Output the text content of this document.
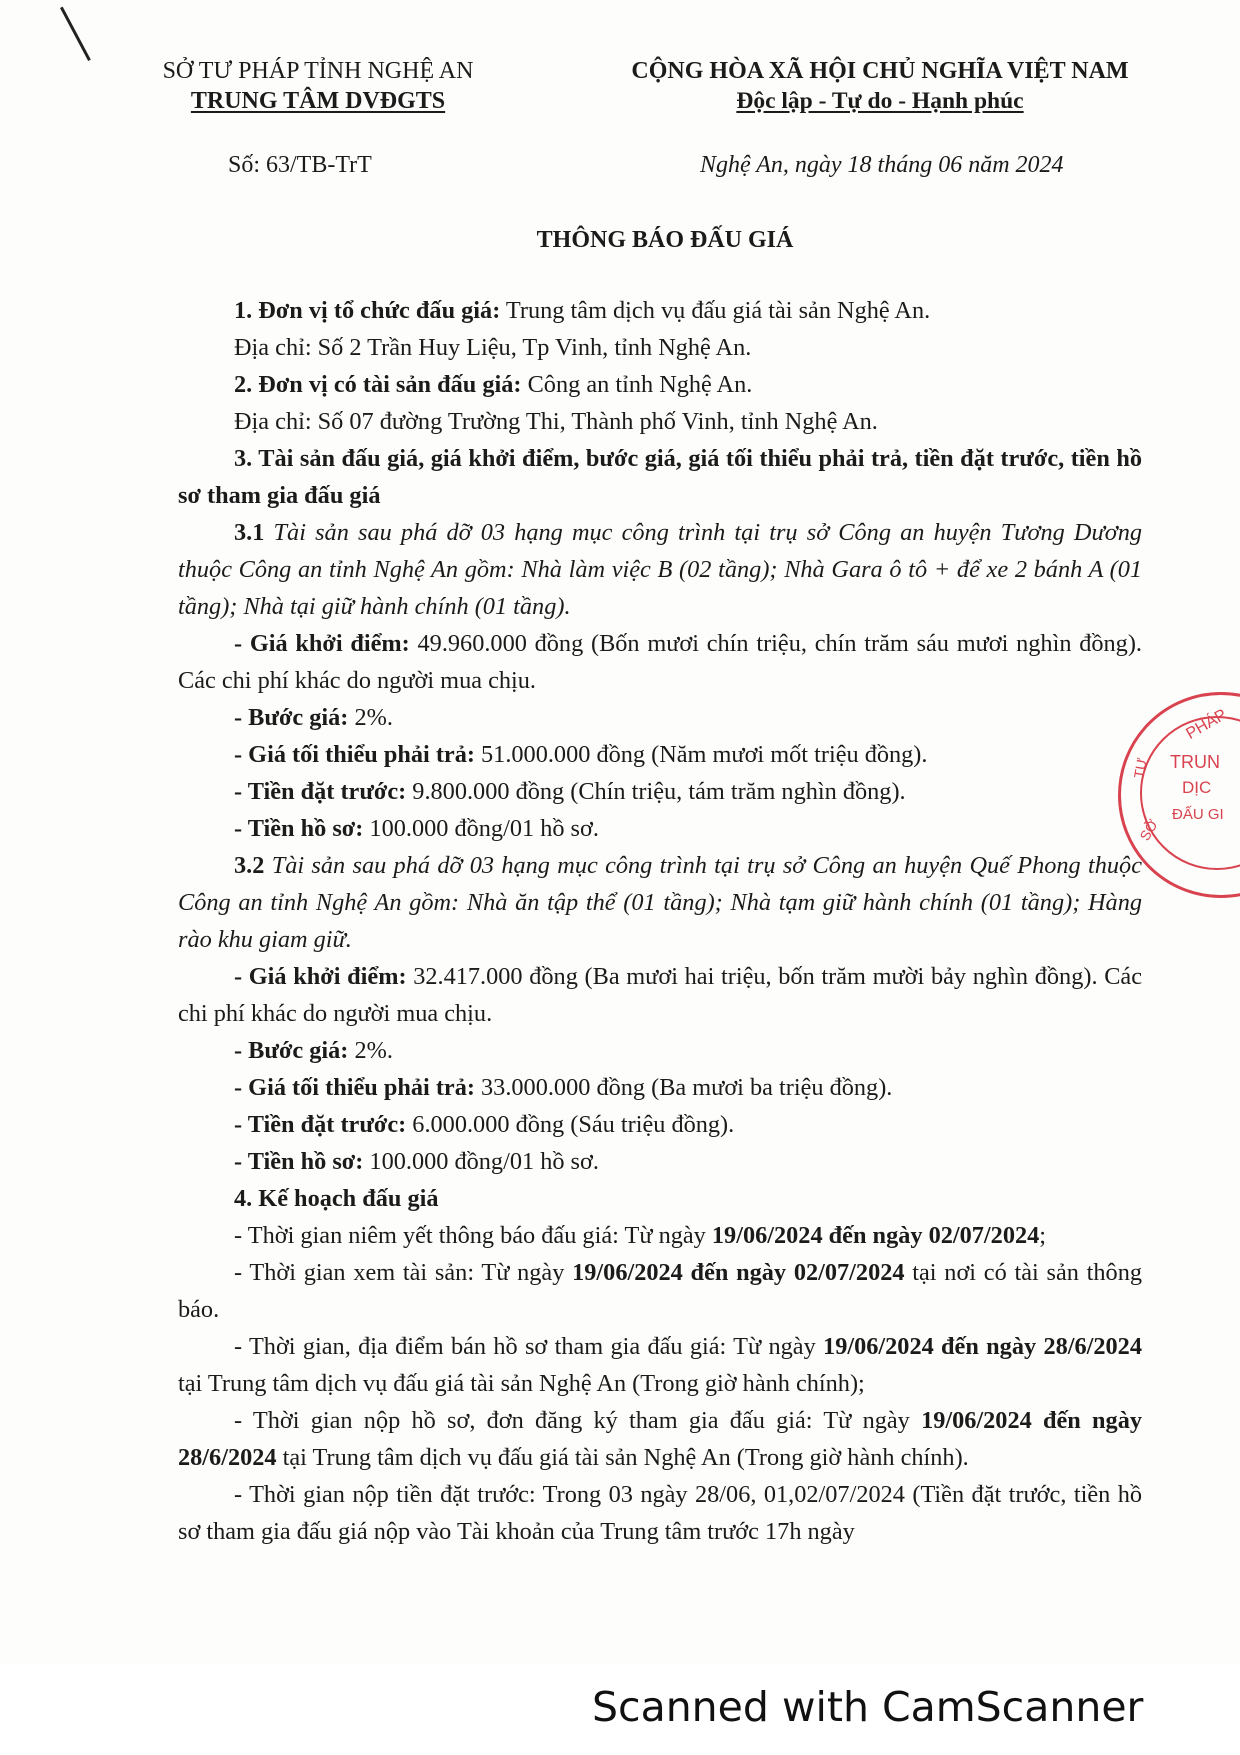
SỞ TƯ PHÁP TỈNH NGHỆ AN
TRUNG TÂM DVĐGTS
CỘNG HÒA XÃ HỘI CHỦ NGHĨA VIỆT NAM
Độc lập - Tự do - Hạnh phúc
Số: 63/TB-TrT	Nghệ An, ngày 18 tháng 06 năm 2024
THÔNG BÁO ĐẤU GIÁ

1. Đơn vị tổ chức đấu giá: Trung tâm dịch vụ đấu giá tài sản Nghệ An.

Địa chỉ: Số 2 Trần Huy Liệu, Tp Vinh, tỉnh Nghệ An.

2. Đơn vị có tài sản đấu giá: Công an tỉnh Nghệ An.

Địa chỉ: Số 07 đường Trường Thi, Thành phố Vinh, tỉnh Nghệ An.

3. Tài sản đấu giá, giá khởi điểm, bước giá, giá tối thiểu phải trả, tiền đặt trước, tiền hồ sơ tham gia đấu giá

3.1 Tài sản sau phá dỡ 03 hạng mục công trình tại trụ sở Công an huyện Tương Dương thuộc Công an tỉnh Nghệ An gồm: Nhà làm việc B (02 tầng); Nhà Gara ô tô + để xe 2 bánh A (01 tầng); Nhà tại giữ hành chính (01 tầng).

- Giá khởi điểm: 49.960.000 đồng (Bốn mươi chín triệu, chín trăm sáu mươi nghìn đồng). Các chi phí khác do người mua chịu.

- Bước giá: 2%.

- Giá tối thiểu phải trả: 51.000.000 đồng (Năm mươi mốt triệu đồng).

- Tiền đặt trước: 9.800.000 đồng (Chín triệu, tám trăm nghìn đồng).

- Tiền hồ sơ: 100.000 đồng/01 hồ sơ.

3.2 Tài sản sau phá dỡ 03 hạng mục công trình tại trụ sở Công an huyện Quế Phong thuộc Công an tỉnh Nghệ An gồm: Nhà ăn tập thể (01 tầng); Nhà tạm giữ hành chính (01 tầng); Hàng rào khu giam giữ.

- Giá khởi điểm: 32.417.000 đồng (Ba mươi hai triệu, bốn trăm mười bảy nghìn đồng). Các chi phí khác do người mua chịu.

- Bước giá: 2%.

- Giá tối thiểu phải trả: 33.000.000 đồng (Ba mươi ba triệu đồng).

- Tiền đặt trước: 6.000.000 đồng (Sáu triệu đồng).

- Tiền hồ sơ: 100.000 đồng/01 hồ sơ.

4. Kế hoạch đấu giá

- Thời gian niêm yết thông báo đấu giá: Từ ngày 19/06/2024 đến ngày 02/07/2024;

- Thời gian xem tài sản: Từ ngày 19/06/2024 đến ngày 02/07/2024 tại nơi có tài sản thông báo.

- Thời gian, địa điểm bán hồ sơ tham gia đấu giá: Từ ngày 19/06/2024 đến ngày 28/6/2024 tại Trung tâm dịch vụ đấu giá tài sản Nghệ An (Trong giờ hành chính);

- Thời gian nộp hồ sơ, đơn đăng ký tham gia đấu giá: Từ ngày 19/06/2024 đến ngày 28/6/2024 tại Trung tâm dịch vụ đấu giá tài sản Nghệ An (Trong giờ hành chính).

- Thời gian nộp tiền đặt trước: Trong 03 ngày 28/06, 01,02/07/2024 (Tiền đặt trước, tiền hồ sơ tham gia đấu giá nộp vào Tài khoản của Trung tâm trước 17h ngày

PHÁP
TRUN
DỊC
ĐẤU GI
TƯ
SỞ
Scanned with CamScanner
